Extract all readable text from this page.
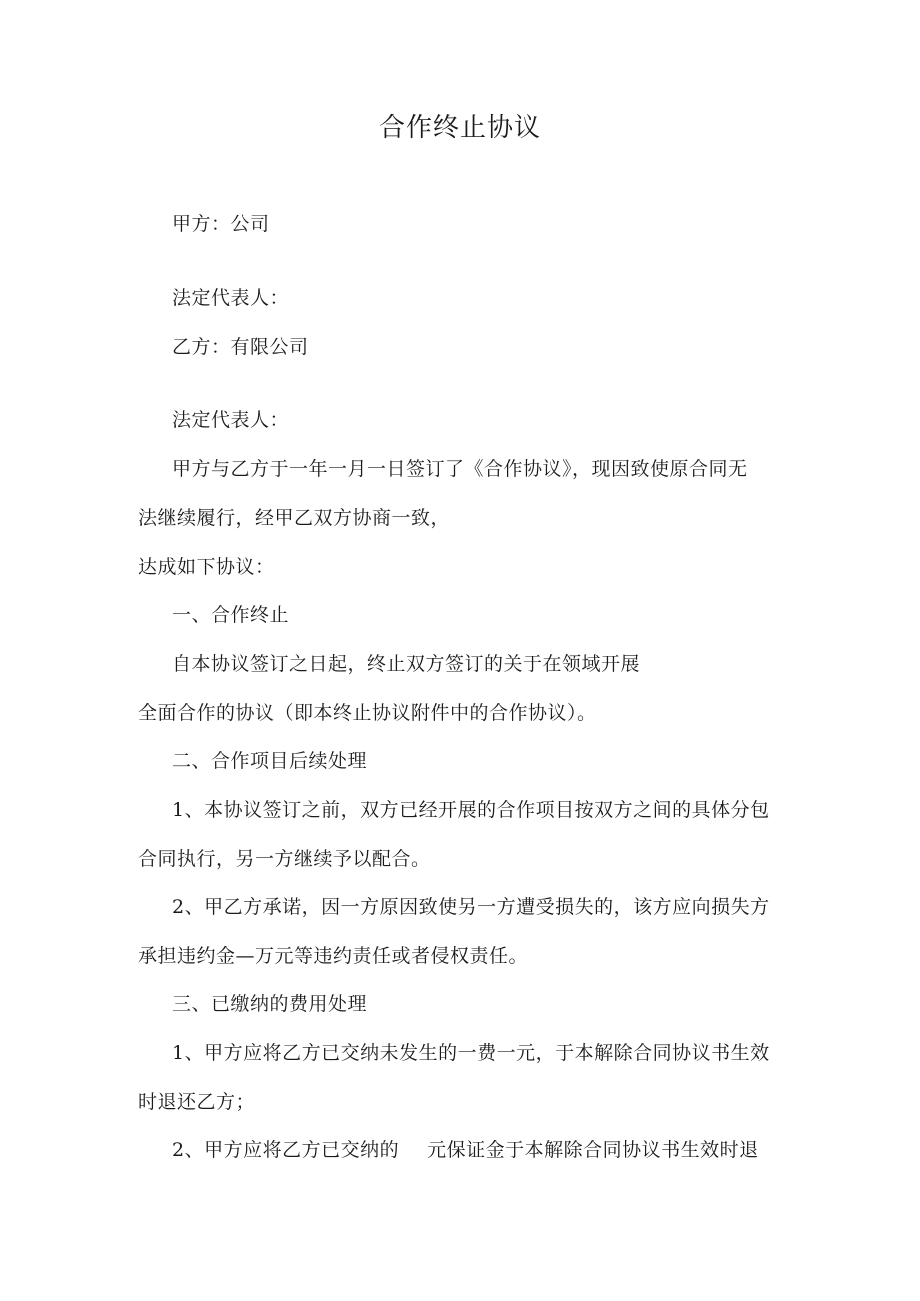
合作终止协议
甲方：公司
法定代表人：
乙方：有限公司
法定代表人：
甲方与乙方于一年一月一日签订了《合作协议》，现因致使原合同无
法继续履行，经甲乙双方协商一致，
达成如下协议：
一、合作终止
自本协议签订之日起，终止双方签订的关于在领域开展
全面合作的协议（即本终止协议附件中的合作协议）。
二、合作项目后续处理
1、本协议签订之前，双方已经开展的合作项目按双方之间的具体分包
合同执行，另一方继续予以配合。
2、甲乙方承诺，因一方原因致使另一方遭受损失的，该方应向损失方
承担违约金—万元等违约责任或者侵权责任。
三、已缴纳的费用处理
1、甲方应将乙方已交纳未发生的一费一元，于本解除合同协议书生效
时退还乙方；
2、甲方应将乙方已交纳的 元保证金于本解除合同协议书生效时退
